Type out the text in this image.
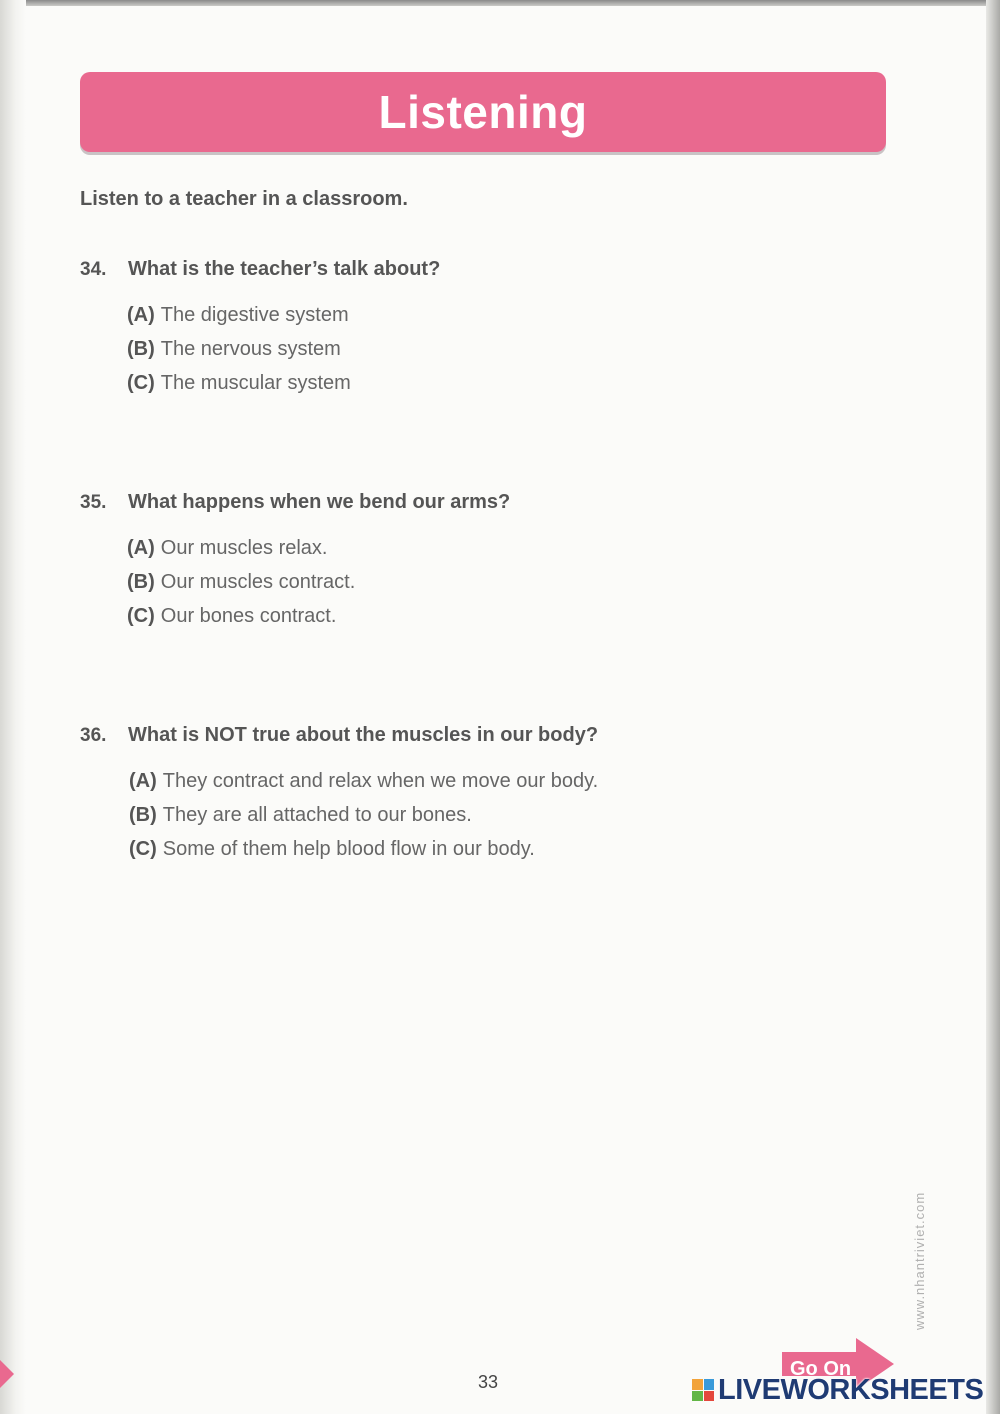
Listening
Listen to a teacher in a classroom.
34. What is the teacher’s talk about?
(A) The digestive system
(B) The nervous system
(C) The muscular system
35. What happens when we bend our arms?
(A) Our muscles relax.
(B) Our muscles contract.
(C) Our bones contract.
36. What is NOT true about the muscles in our body?
(A) They contract and relax when we move our body.
(B) They are all attached to our bones.
(C) Some of them help blood flow in our body.
www.nhantriviet.com
Go On
33	LIVEWORKSHEETS
